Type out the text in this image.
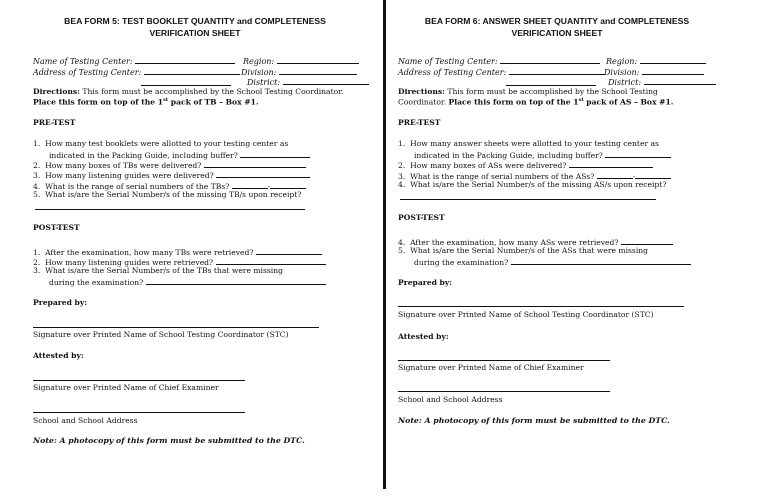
BEA FORM 5: TEST BOOKLET QUANTITY and COMPLETENESS
VERIFICATION SHEET
Name of Testing Center:	Region:
Address of Testing Center:	Division:
District:
Directions: This form must be accomplished by the School Testing Coordinator.
Place this form on top of the 1st pack of TB – Box #1.
PRE-TEST
1. How many test booklets were allotted to your testing center as
indicated in the Packing Guide, including buffer?
2. How many boxes of TBs were delivered?
3. How many listening guides were delivered?
4. What is the range of serial numbers of the TBs?	-
5. What is/are the Serial Number/s of the missing TB/s upon receipt?
POST-TEST
1. After the examination, how many TBs were retrieved?
2. How many listening guides were retrieved?
3. What is/are the Serial Number/s of the TBs that were missing
during the examination?
Prepared by:
Signature over Printed Name of School Testing Coordinator (STC)
Attested by:
Signature over Printed Name of Chief Examiner
School and School Address
Note: A photocopy of this form must be submitted to the DTC.
BEA FORM 6: ANSWER SHEET QUANTITY and COMPLETENESS
VERIFICATION SHEET
Name of Testing Center:	Region:
Address of Testing Center:	Division:
District:
Directions: This form must be accomplished by the School Testing
Coordinator. Place this form on top of the 1st pack of AS – Box #1.
PRE-TEST
1. How many answer sheets were allotted to your testing center as
indicated in the Packing Guide, including buffer?
2. How many boxes of ASs were delivered?
3. What is the range of serial numbers of the ASs?	-
4. What is/are the Serial Number/s of the missing AS/s upon receipt?
POST-TEST
4. After the examination, how many ASs were retrieved?
5. What is/are the Serial Number/s of the ASs that were missing
during the examination?
Prepared by:
Signature over Printed Name of School Testing Coordinator (STC)
Attested by:
Signature over Printed Name of Chief Examiner
School and School Address
Note: A photocopy of this form must be submitted to the DTC.
